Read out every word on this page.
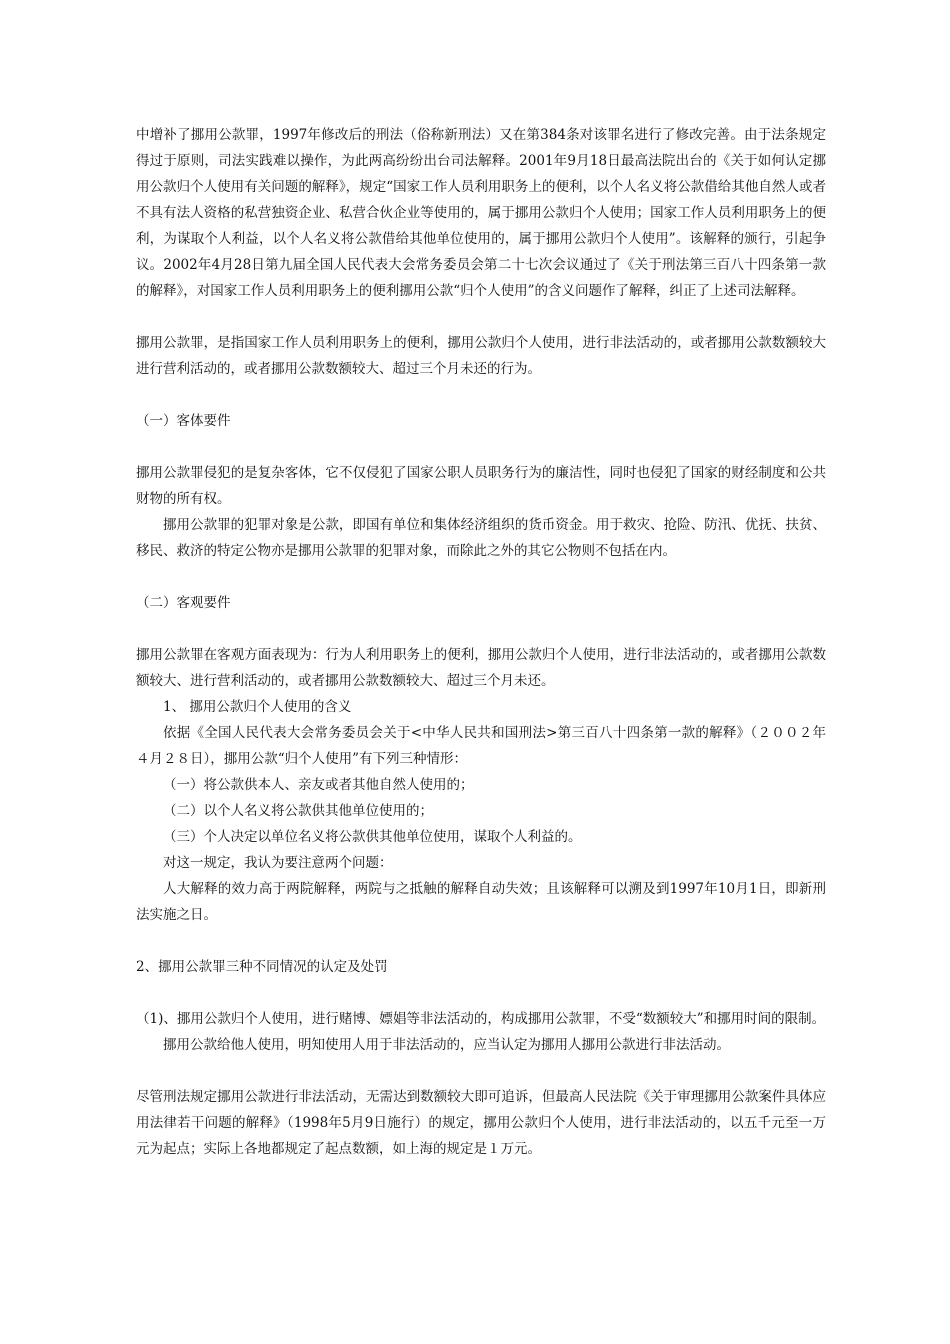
中增补了挪用公款罪，1997年修改后的刑法（俗称新刑法）又在第384条对该罪名进行了修改完善。由于法条规定得过于原则，司法实践难以操作，为此两高纷纷出台司法解释。2001年9月18日最高法院出台的《关于如何认定挪用公款归个人使用有关问题的解释》，规定“国家工作人员利用职务上的便利，以个人名义将公款借给其他自然人或者不具有法人资格的私营独资企业、私营合伙企业等使用的，属于挪用公款归个人使用；国家工作人员利用职务上的便利，为谋取个人利益，以个人名义将公款借给其他单位使用的，属于挪用公款归个人使用”。该解释的颁行，引起争议。2002年4月28日第九届全国人民代表大会常务委员会第二十七次会议通过了《关于刑法第三百八十四条第一款的解释》，对国家工作人员利用职务上的便利挪用公款“归个人使用”的含义问题作了解释，纠正了上述司法解释。

挪用公款罪，是指国家工作人员利用职务上的便利，挪用公款归个人使用，进行非法活动的，或者挪用公款数额较大进行营利活动的，或者挪用公款数额较大、超过三个月未还的行为。

（一）客体要件

挪用公款罪侵犯的是复杂客体，它不仅侵犯了国家公职人员职务行为的廉洁性，同时也侵犯了国家的财经制度和公共财物的所有权。

挪用公款罪的犯罪对象是公款，即国有单位和集体经济组织的货币资金。用于救灾、抢险、防汛、优抚、扶贫、移民、救济的特定公物亦是挪用公款罪的犯罪对象，而除此之外的其它公物则不包括在内。

（二）客观要件

挪用公款罪在客观方面表现为：行为人利用职务上的便利，挪用公款归个人使用，进行非法活动的，或者挪用公款数额较大、进行营利活动的，或者挪用公款数额较大、超过三个月未还。

1、 挪用公款归个人使用的含义

依据《全国人民代表大会常务委员会关于<中华人民共和国刑法>第三百八十四条第一款的解释》（２００２年４月２８日），挪用公款“归个人使用”有下列三种情形：

（一）将公款供本人、亲友或者其他自然人使用的；

（二）以个人名义将公款供其他单位使用的；

（三）个人决定以单位名义将公款供其他单位使用，谋取个人利益的。

对这一规定，我认为要注意两个问题：

人大解释的效力高于两院解释，两院与之抵触的解释自动失效；且该解释可以溯及到1997年10月1日，即新刑法实施之日。

2、挪用公款罪三种不同情况的认定及处罚

（1)、挪用公款归个人使用，进行赌博、嫖娼等非法活动的，构成挪用公款罪，不受“数额较大”和挪用时间的限制。

挪用公款给他人使用，明知使用人用于非法活动的，应当认定为挪用人挪用公款进行非法活动。

尽管刑法规定挪用公款进行非法活动，无需达到数额较大即可追诉，但最高人民法院《关于审理挪用公款案件具体应用法律若干问题的解释》（1998年5月9日施行）的规定，挪用公款归个人使用，进行非法活动的，以五千元至一万元为起点；实际上各地都规定了起点数额，如上海的规定是１万元。
